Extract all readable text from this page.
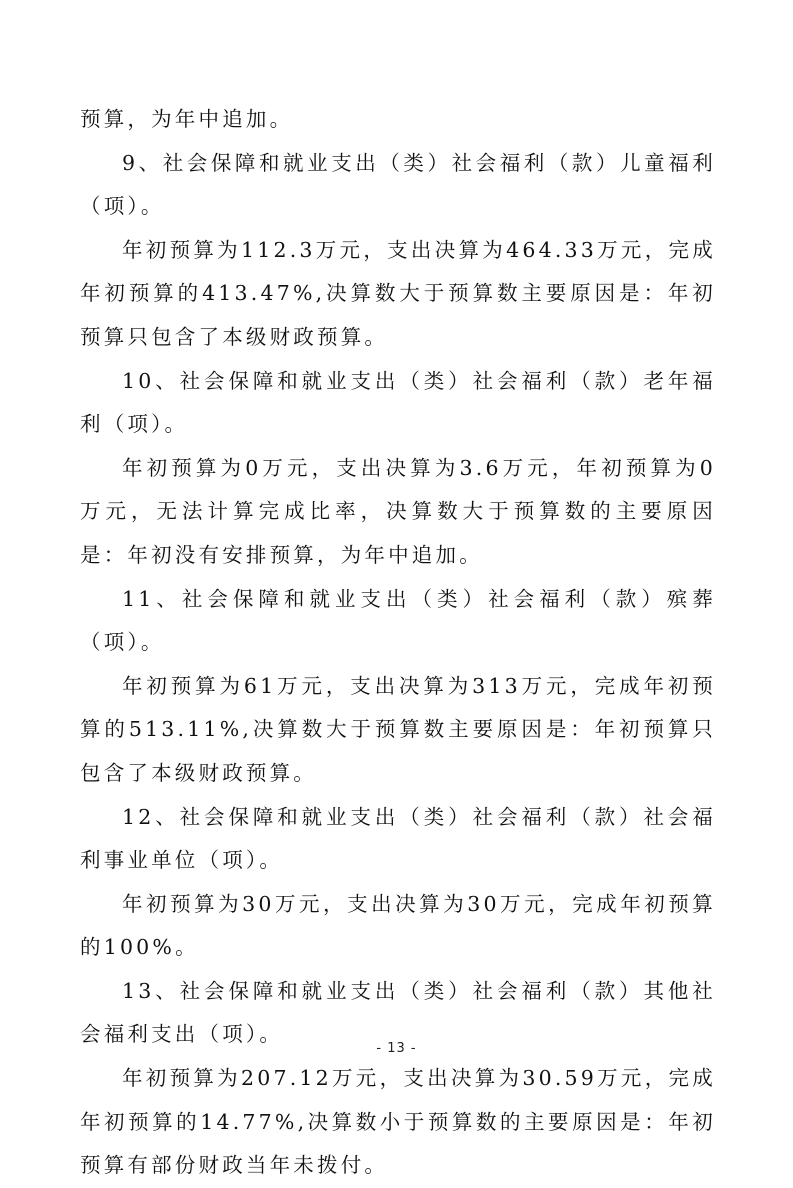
预算，为年中追加。

9、社会保障和就业支出（类）社会福利（款）儿童福利（项）。

年初预算为112.3万元，支出决算为464.33万元，完成年初预算的413.47%,决算数大于预算数主要原因是：年初预算只包含了本级财政预算。

10、社会保障和就业支出（类）社会福利（款）老年福利（项）。

年初预算为0万元，支出决算为3.6万元，年初预算为0万元，无法计算完成比率，决算数大于预算数的主要原因是：年初没有安排预算，为年中追加。

11、社会保障和就业支出（类）社会福利（款）殡葬（项）。

年初预算为61万元，支出决算为313万元，完成年初预算的513.11%,决算数大于预算数主要原因是：年初预算只包含了本级财政预算。

12、社会保障和就业支出（类）社会福利（款）社会福利事业单位（项）。

年初预算为30万元，支出决算为30万元，完成年初预算的100%。

13、社会保障和就业支出（类）社会福利（款）其他社会福利支出（项）。

年初预算为207.12万元，支出决算为30.59万元，完成年初预算的14.77%,决算数小于预算数的主要原因是：年初预算有部份财政当年未拨付。

- 13 -
